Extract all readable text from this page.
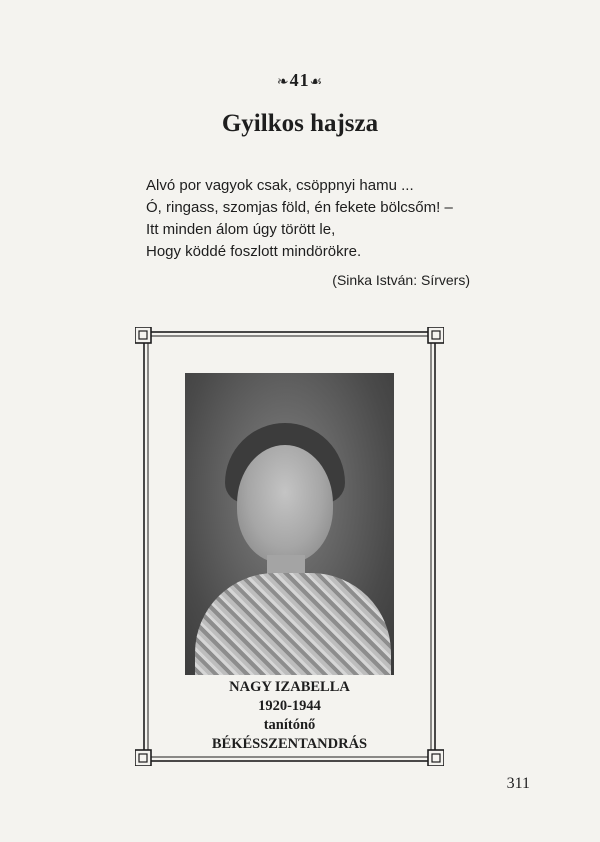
❧41☙
Gyilkos hajsza
Alvó por vagyok csak, csöppnyi hamu ...
Ó, ringass, szomjas föld, én fekete bölcsőm! –
Itt minden álom úgy törött le,
Hogy köddé foszlott mindörökre.
(Sinka István: Sírvers)
NAGY IZABELLA
1920-1944
tanítónő
BÉKÉSSZENTANDRÁS
311
